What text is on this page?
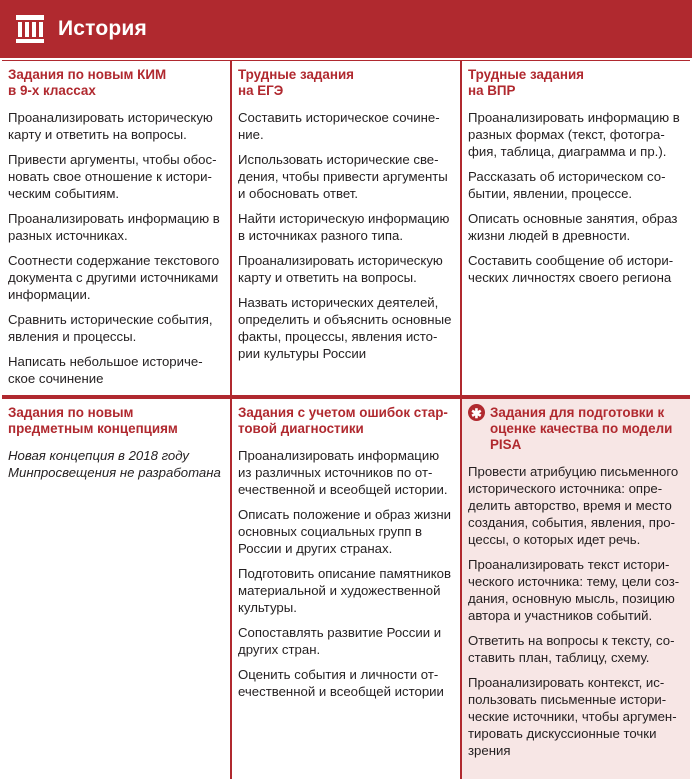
История
Задания по новым КИМ
в 9-х классах
Проанализировать историческую карту и ответить на вопросы.
Привести аргументы, чтобы обосновать свое отношение к историческим событиям.
Проанализировать информацию в разных источниках.
Соотнести содержание текстового документа с другими источниками информации.
Сравнить исторические события, явления и процессы.
Написать небольшое историческое сочинение
Трудные задания
на ЕГЭ
Составить историческое сочинение.
Использовать исторические сведения, чтобы привести аргументы и обосновать ответ.
Найти историческую информацию в источниках разного типа.
Проанализировать историческую карту и ответить на вопросы.
Назвать исторических деятелей, определить и объяснить основные факты, процессы, явления истории культуры России
Трудные задания
на ВПР
Проанализировать информацию в разных формах (текст, фотография, таблица, диаграмма и пр.).
Рассказать об историческом событии, явлении, процессе.
Описать основные занятия, образ жизни людей в древности.
Составить сообщение об исторических личностях своего региона
Задания по новым предметным концепциям
Новая концепция в 2018 году Минпросвещения не разработана
Задания с учетом ошибок стартовой диагностики
Проанализировать информацию из различных источников по отечественной и всеобщей истории.
Описать положение и образ жизни основных социальных групп в России и других странах.
Подготовить описание памятников материальной и художественной культуры.
Сопоставлять развитие России и других стран.
Оценить события и личности отечественной и всеобщей истории
✱ Задания для подготовки к оценке качества по модели PISA
Провести атрибуцию письменного исторического источника: определить авторство, время и место создания, события, явления, процессы, о которых идет речь.
Проанализировать текст исторического источника: тему, цели создания, основную мысль, позицию автора и участников событий.
Ответить на вопросы к тексту, составить план, таблицу, схему.
Проанализировать контекст, использовать письменные исторические источники, чтобы аргументировать дискуссионные точки зрения
